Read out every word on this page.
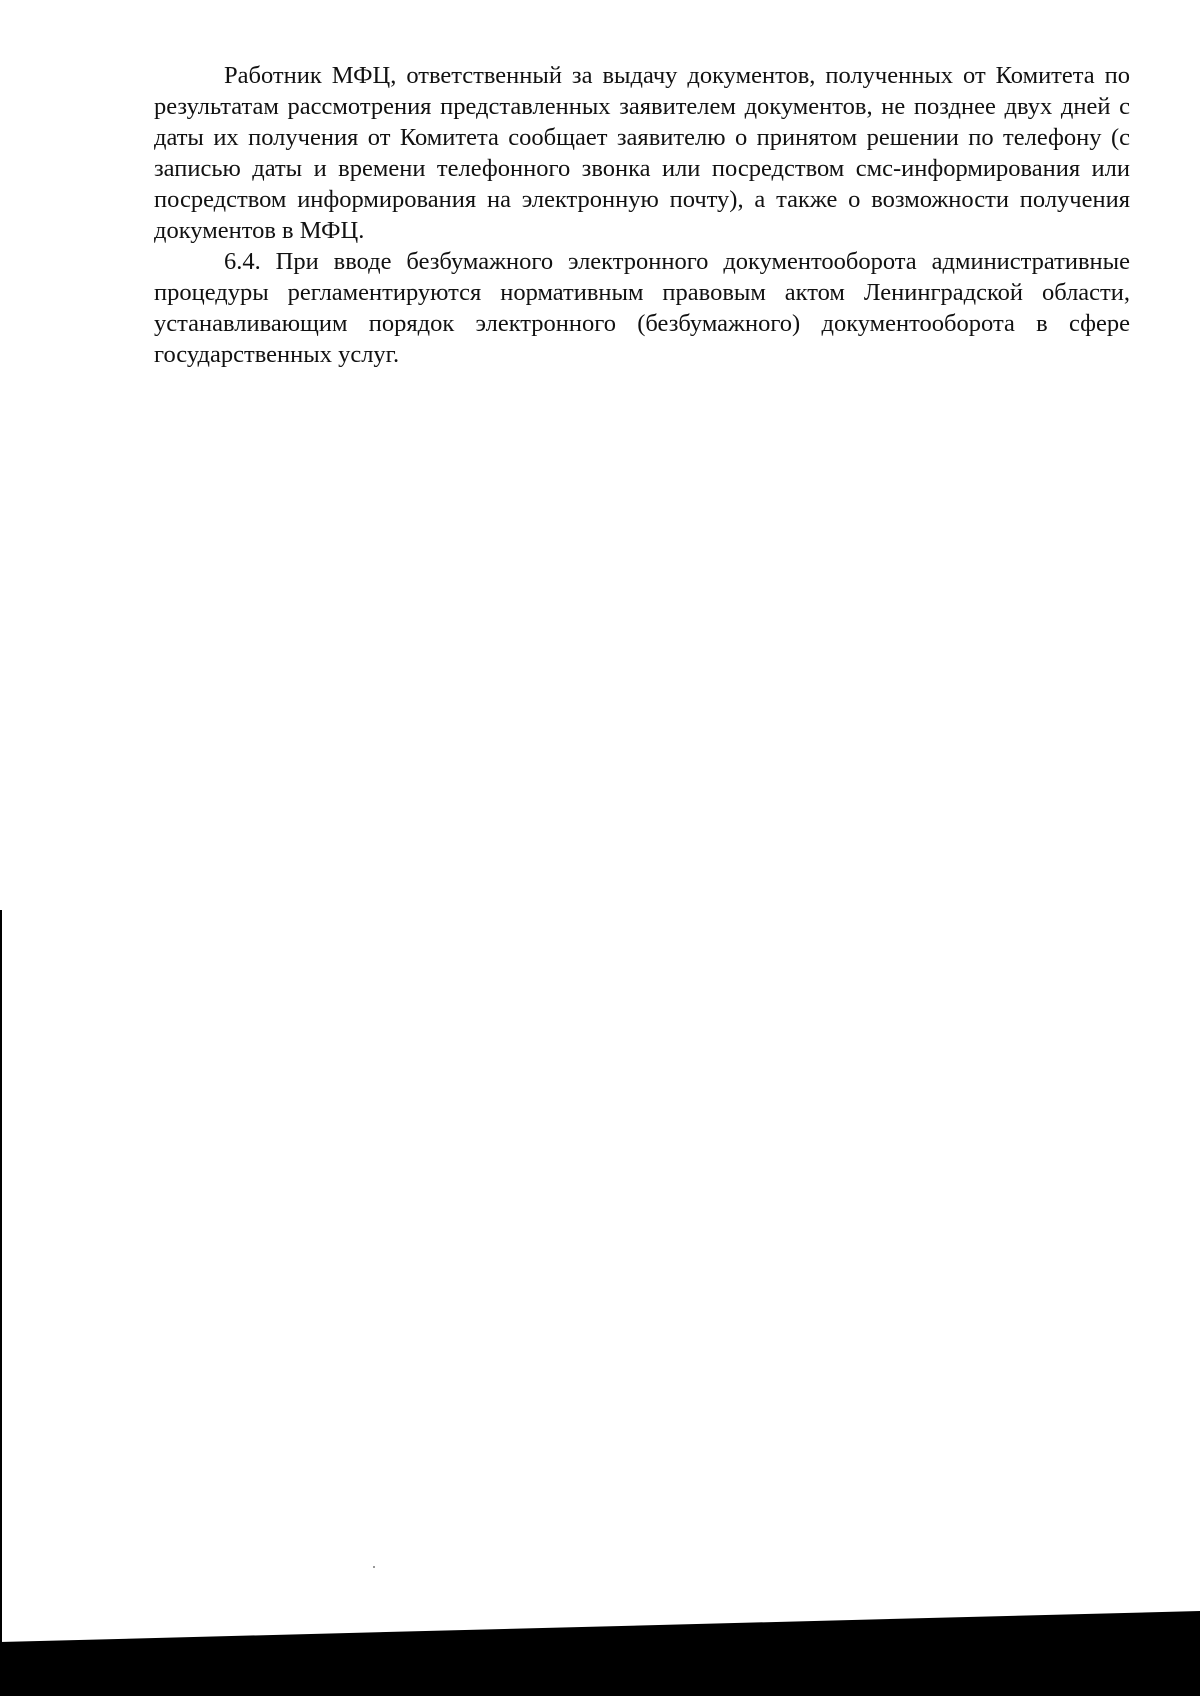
Работник МФЦ, ответственный за выдачу документов, полученных от Комитета по результатам рассмотрения представленных заявителем документов, не позднее двух дней с даты их получения от Комитета сообщает заявителю о принятом решении по телефону (с записью даты и времени телефонного звонка или посредством смс-информирования или посредством информирования на электронную почту), а также о возможности получения документов в МФЦ.

6.4. При вводе безбумажного электронного документооборота административные процедуры регламентируются нормативным правовым актом Ленинградской области, устанавливающим порядок электронного (безбумажного) документооборота в сфере государственных услуг.
